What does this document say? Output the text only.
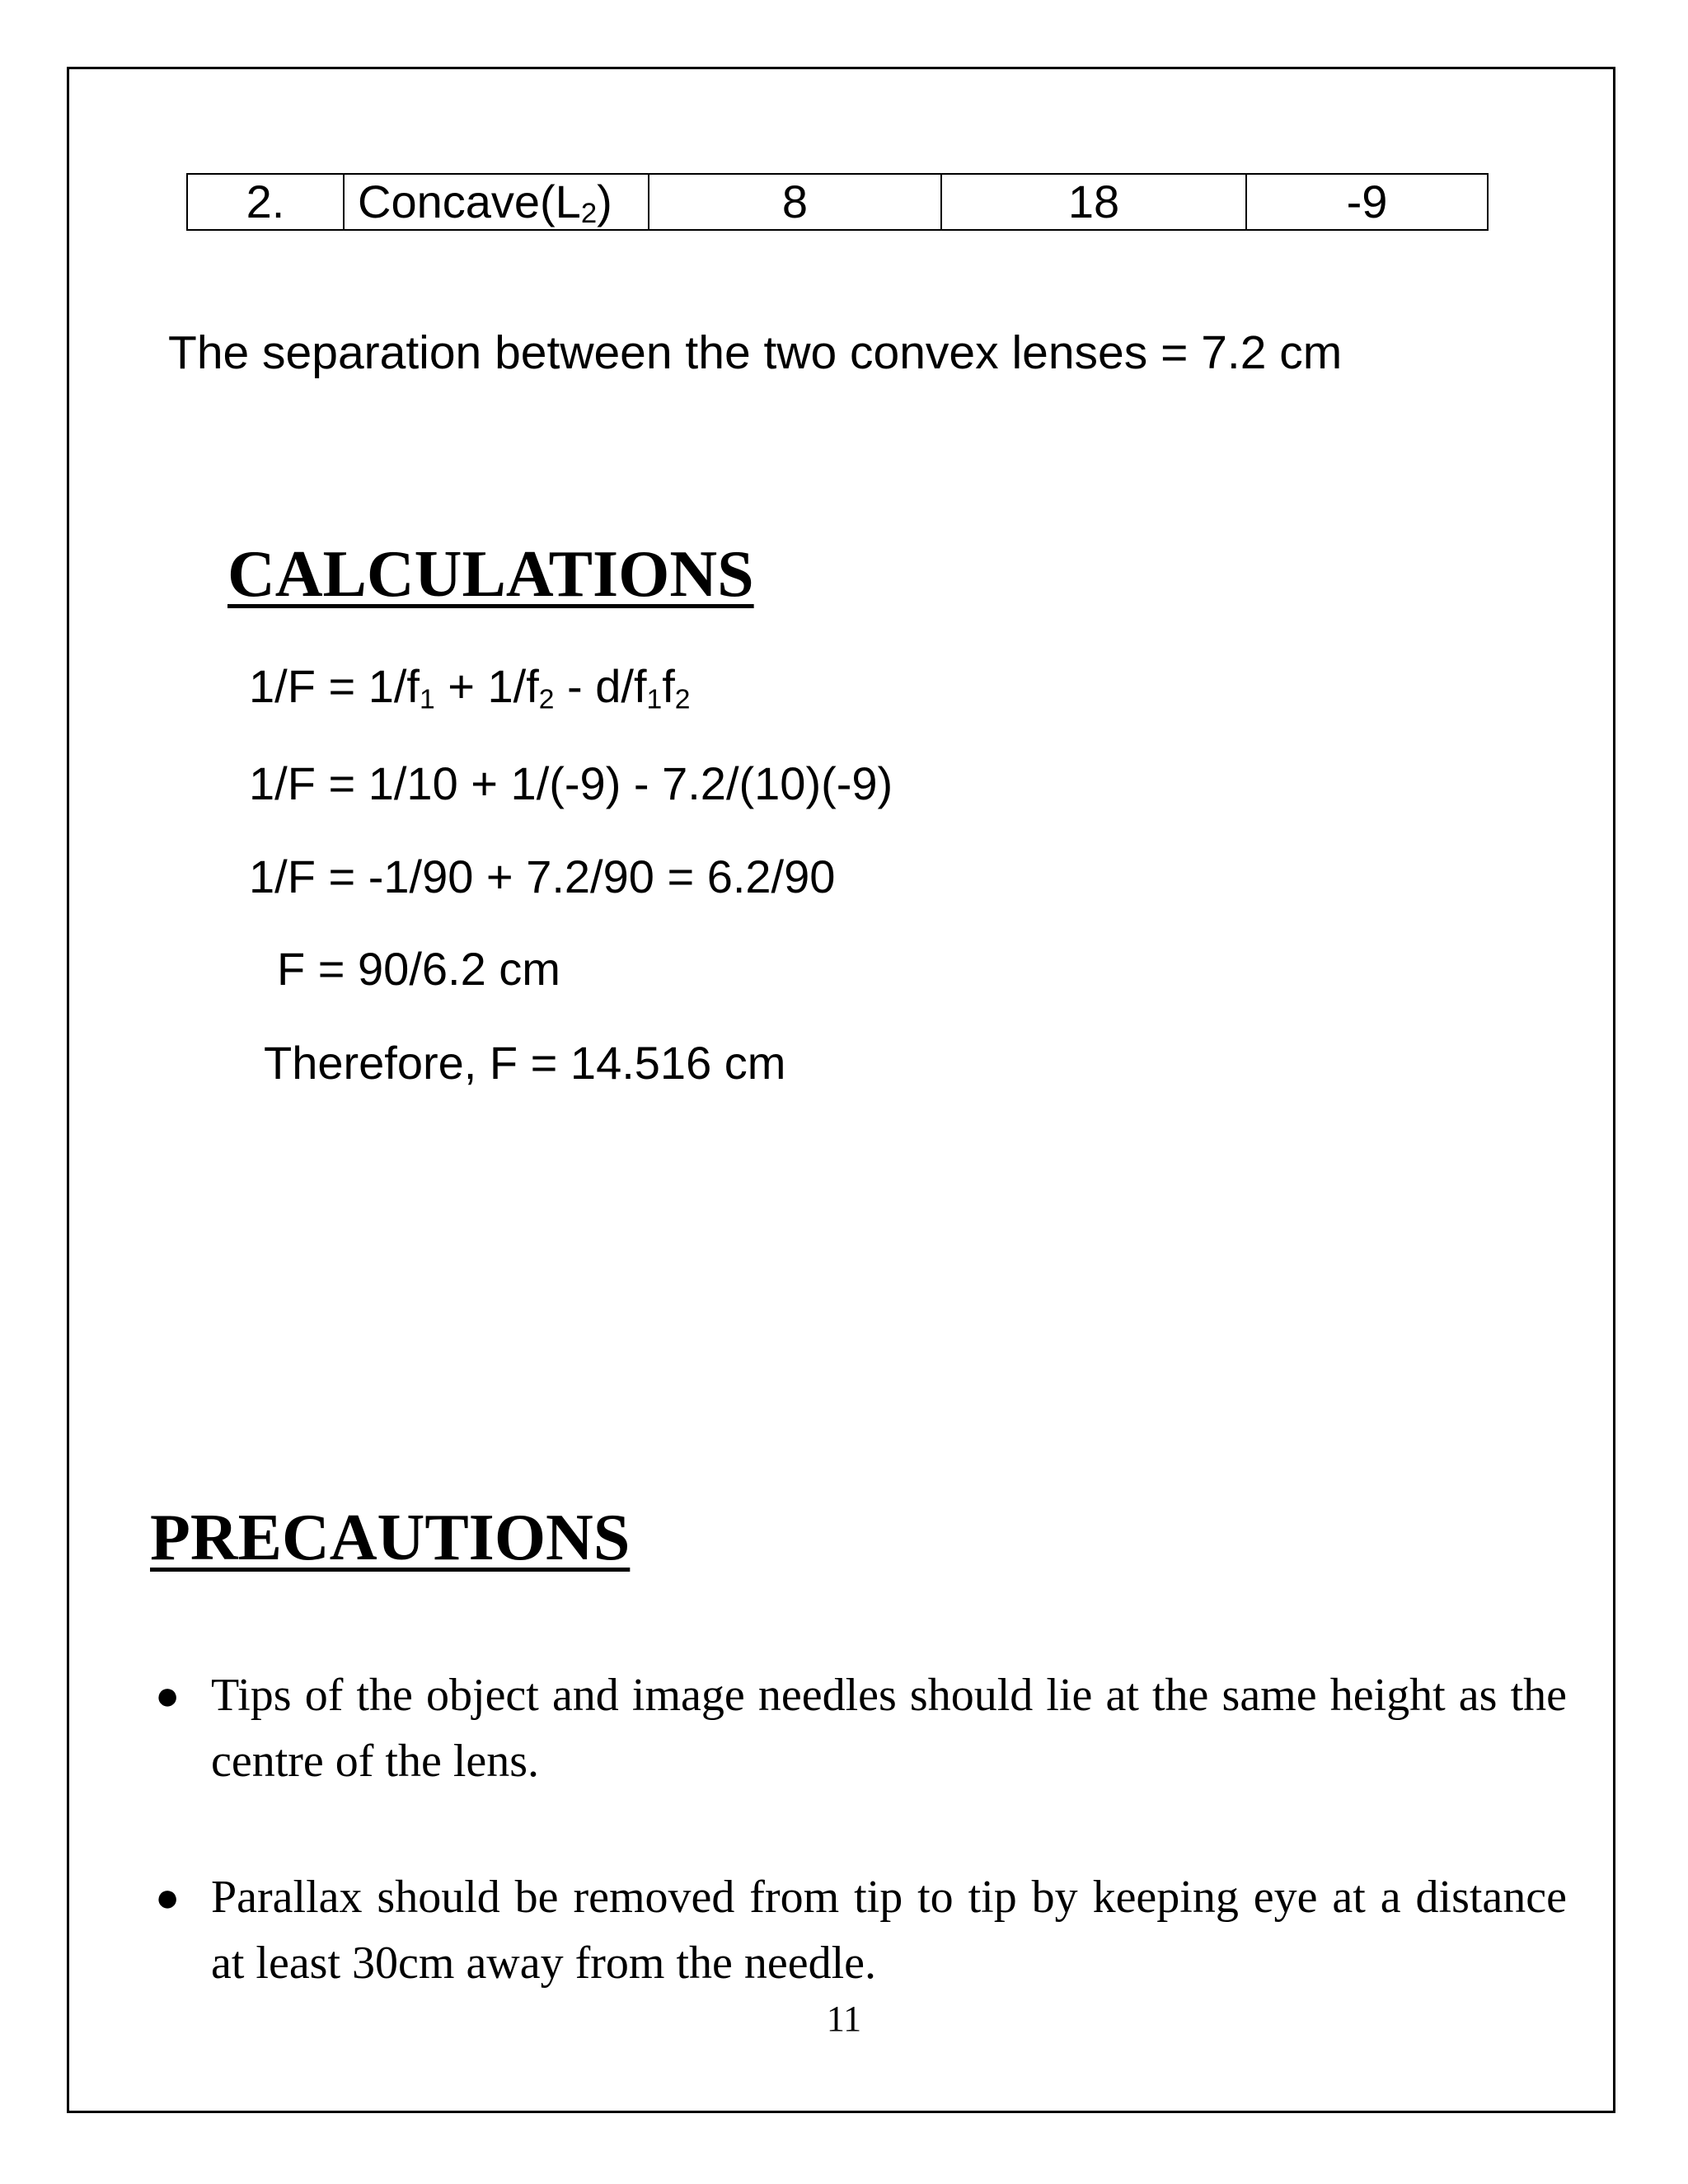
2.	$Concave(L_2)$	8	18	-9
The separation between the two convex lenses = 7.2 cm
CALCULATIONS
$1/F = 1/f_1 + 1/f_2 - d/f_1f_2$
1/F = 1/10 + 1/(-9) - 7.2/(10)(-9)
1/F = -1/90 + 7.2/90 = 6.2/90
F = 90/6.2 cm
Therefore, F = 14.516 cm
PRECAUTIONS
● Tips of the object and image needles should lie at the same height as the centre of the lens.
● Parallax should be removed from tip to tip by keeping eye at a distance at least 30cm away from the needle.
11
